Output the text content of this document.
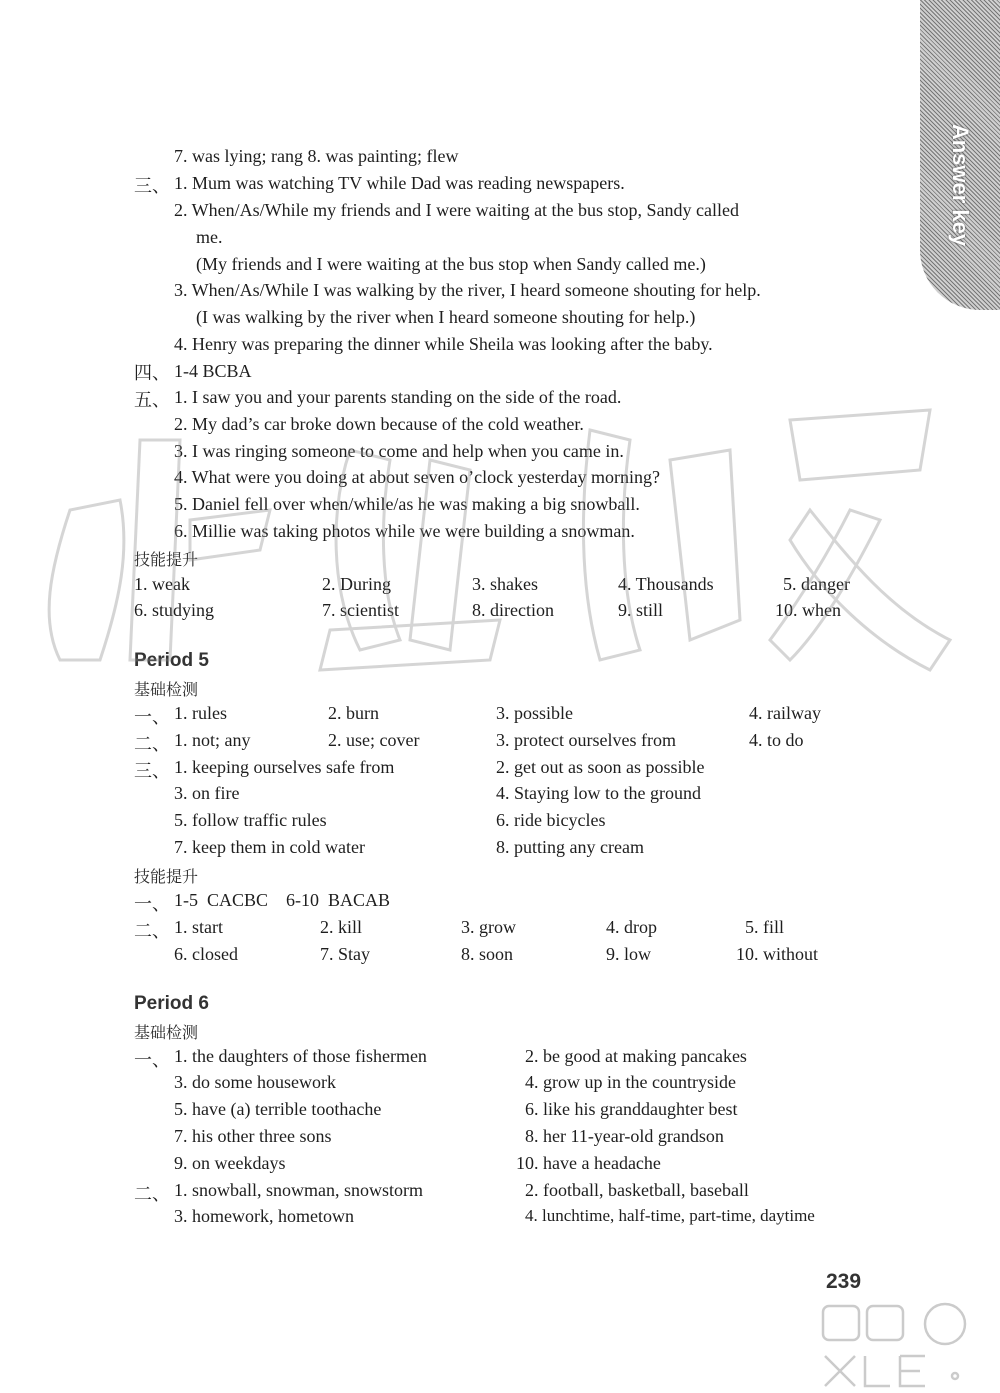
Answer key
三、
四、
五、
7. was lying; rang 8. was painting; flew
1. Mum was watching TV while Dad was reading newspapers.
2. When/As/While my friends and I were waiting at the bus stop, Sandy called
me.
(My friends and I were waiting at the bus stop when Sandy called me.)
3. When/As/While I was walking by the river, I heard someone shouting for help.
(I was walking by the river when I heard someone shouting for help.)
4. Henry was preparing the dinner while Sheila was looking after the baby.
1-4 BCBA
1. I saw you and your parents standing on the side of the road.
2. My dad’s car broke down because of the cold weather.
3. I was ringing someone to come and help when you came in.
4. What were you doing at about seven o’clock yesterday morning?
5. Daniel fell over when/while/as he was making a big snowball.
6. Millie was taking photos while we were building a snowman.
技能提升
1. weak	2. During	3. shakes	4. Thousands	5. danger
6. studying	7. scientist	8. direction	9. still	10. when
Period 5
基础检测
一、 1. rules	2. burn	3. possible	4. railway
二、 1. not; any	2. use; cover	3. protect ourselves from	4. to do
三、 1. keeping ourselves safe from	2. get out as soon as possible
3. on fire	4. Staying low to the ground
5. follow traffic rules	6. ride bicycles
7. keep them in cold water	8. putting any cream
技能提升
一、 1-5  CACBC    6-10  BACAB
二、 1. start	2. kill	3. grow	4. drop	5. fill
6. closed	7. Stay	8. soon	9. low	10. without
Period 6
基础检测
一、 1. the daughters of those fishermen	2. be good at making pancakes
3. do some housework	4. grow up in the countryside
5. have (a) terrible toothache	6. like his granddaughter best
7. his other three sons	8. her 11-year-old grandson
9. on weekdays	10. have a headache
二、 1. snowball, snowman, snowstorm	2. football, basketball, baseball
3. homework, hometown	4. lunchtime, half-time, part-time, daytime
239
